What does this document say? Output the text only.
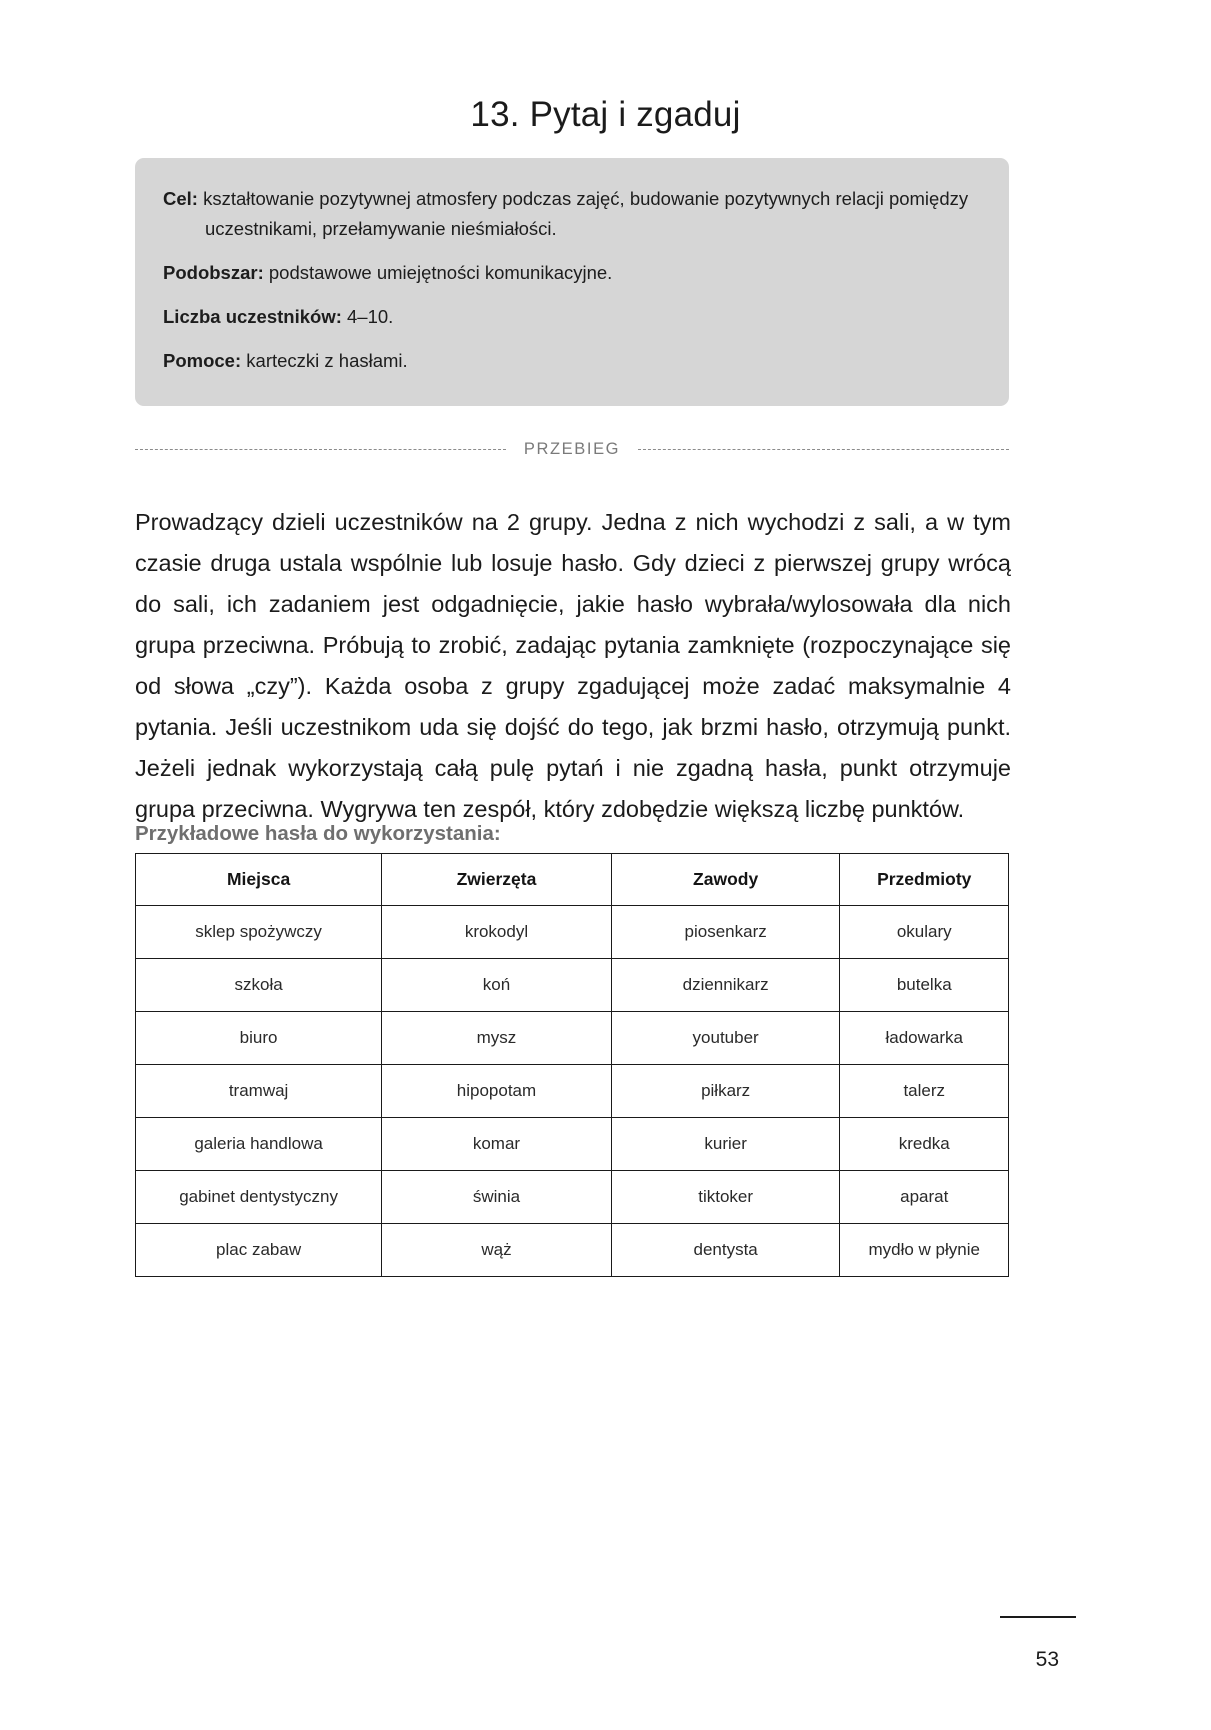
13. Pytaj i zgaduj

Cel: kształtowanie pozytywnej atmosfery podczas zajęć, budowanie pozytywnych relacji pomiędzy uczestnikami, przełamywanie nieśmiałości.

Podobszar: podstawowe umiejętności komunikacyjne.

Liczba uczestników: 4–10.

Pomoce: karteczki z hasłami.

PRZEBIEG

Prowadzący dzieli uczestników na 2 grupy. Jedna z nich wychodzi z sali, a w tym czasie druga ustala wspólnie lub losuje hasło. Gdy dzieci z pierwszej grupy wrócą do sali, ich zadaniem jest odgadnięcie, jakie hasło wybrała/wylosowała dla nich grupa przeciwna. Próbują to zrobić, zadając pytania zamknięte (rozpoczynające się od słowa „czy”). Każda osoba z grupy zgadującej może zadać maksymalnie 4 pytania. Jeśli uczestnikom uda się dojść do tego, jak brzmi hasło, otrzymują punkt. Jeżeli jednak wykorzystają całą pulę pytań i nie zgadną hasła, punkt otrzymuje grupa przeciwna. Wygrywa ten zespół, który zdobędzie większą liczbę punktów.

Przykładowe hasła do wykorzystania:
Miejsca	Zwierzęta	Zawody	Przedmioty
sklep spożywczy	krokodyl	piosenkarz	okulary
szkoła	koń	dziennikarz	butelka
biuro	mysz	youtuber	ładowarka
tramwaj	hipopotam	piłkarz	talerz
galeria handlowa	komar	kurier	kredka
gabinet dentystyczny	świnia	tiktoker	aparat
plac zabaw	wąż	dentysta	mydło w płynie
53
